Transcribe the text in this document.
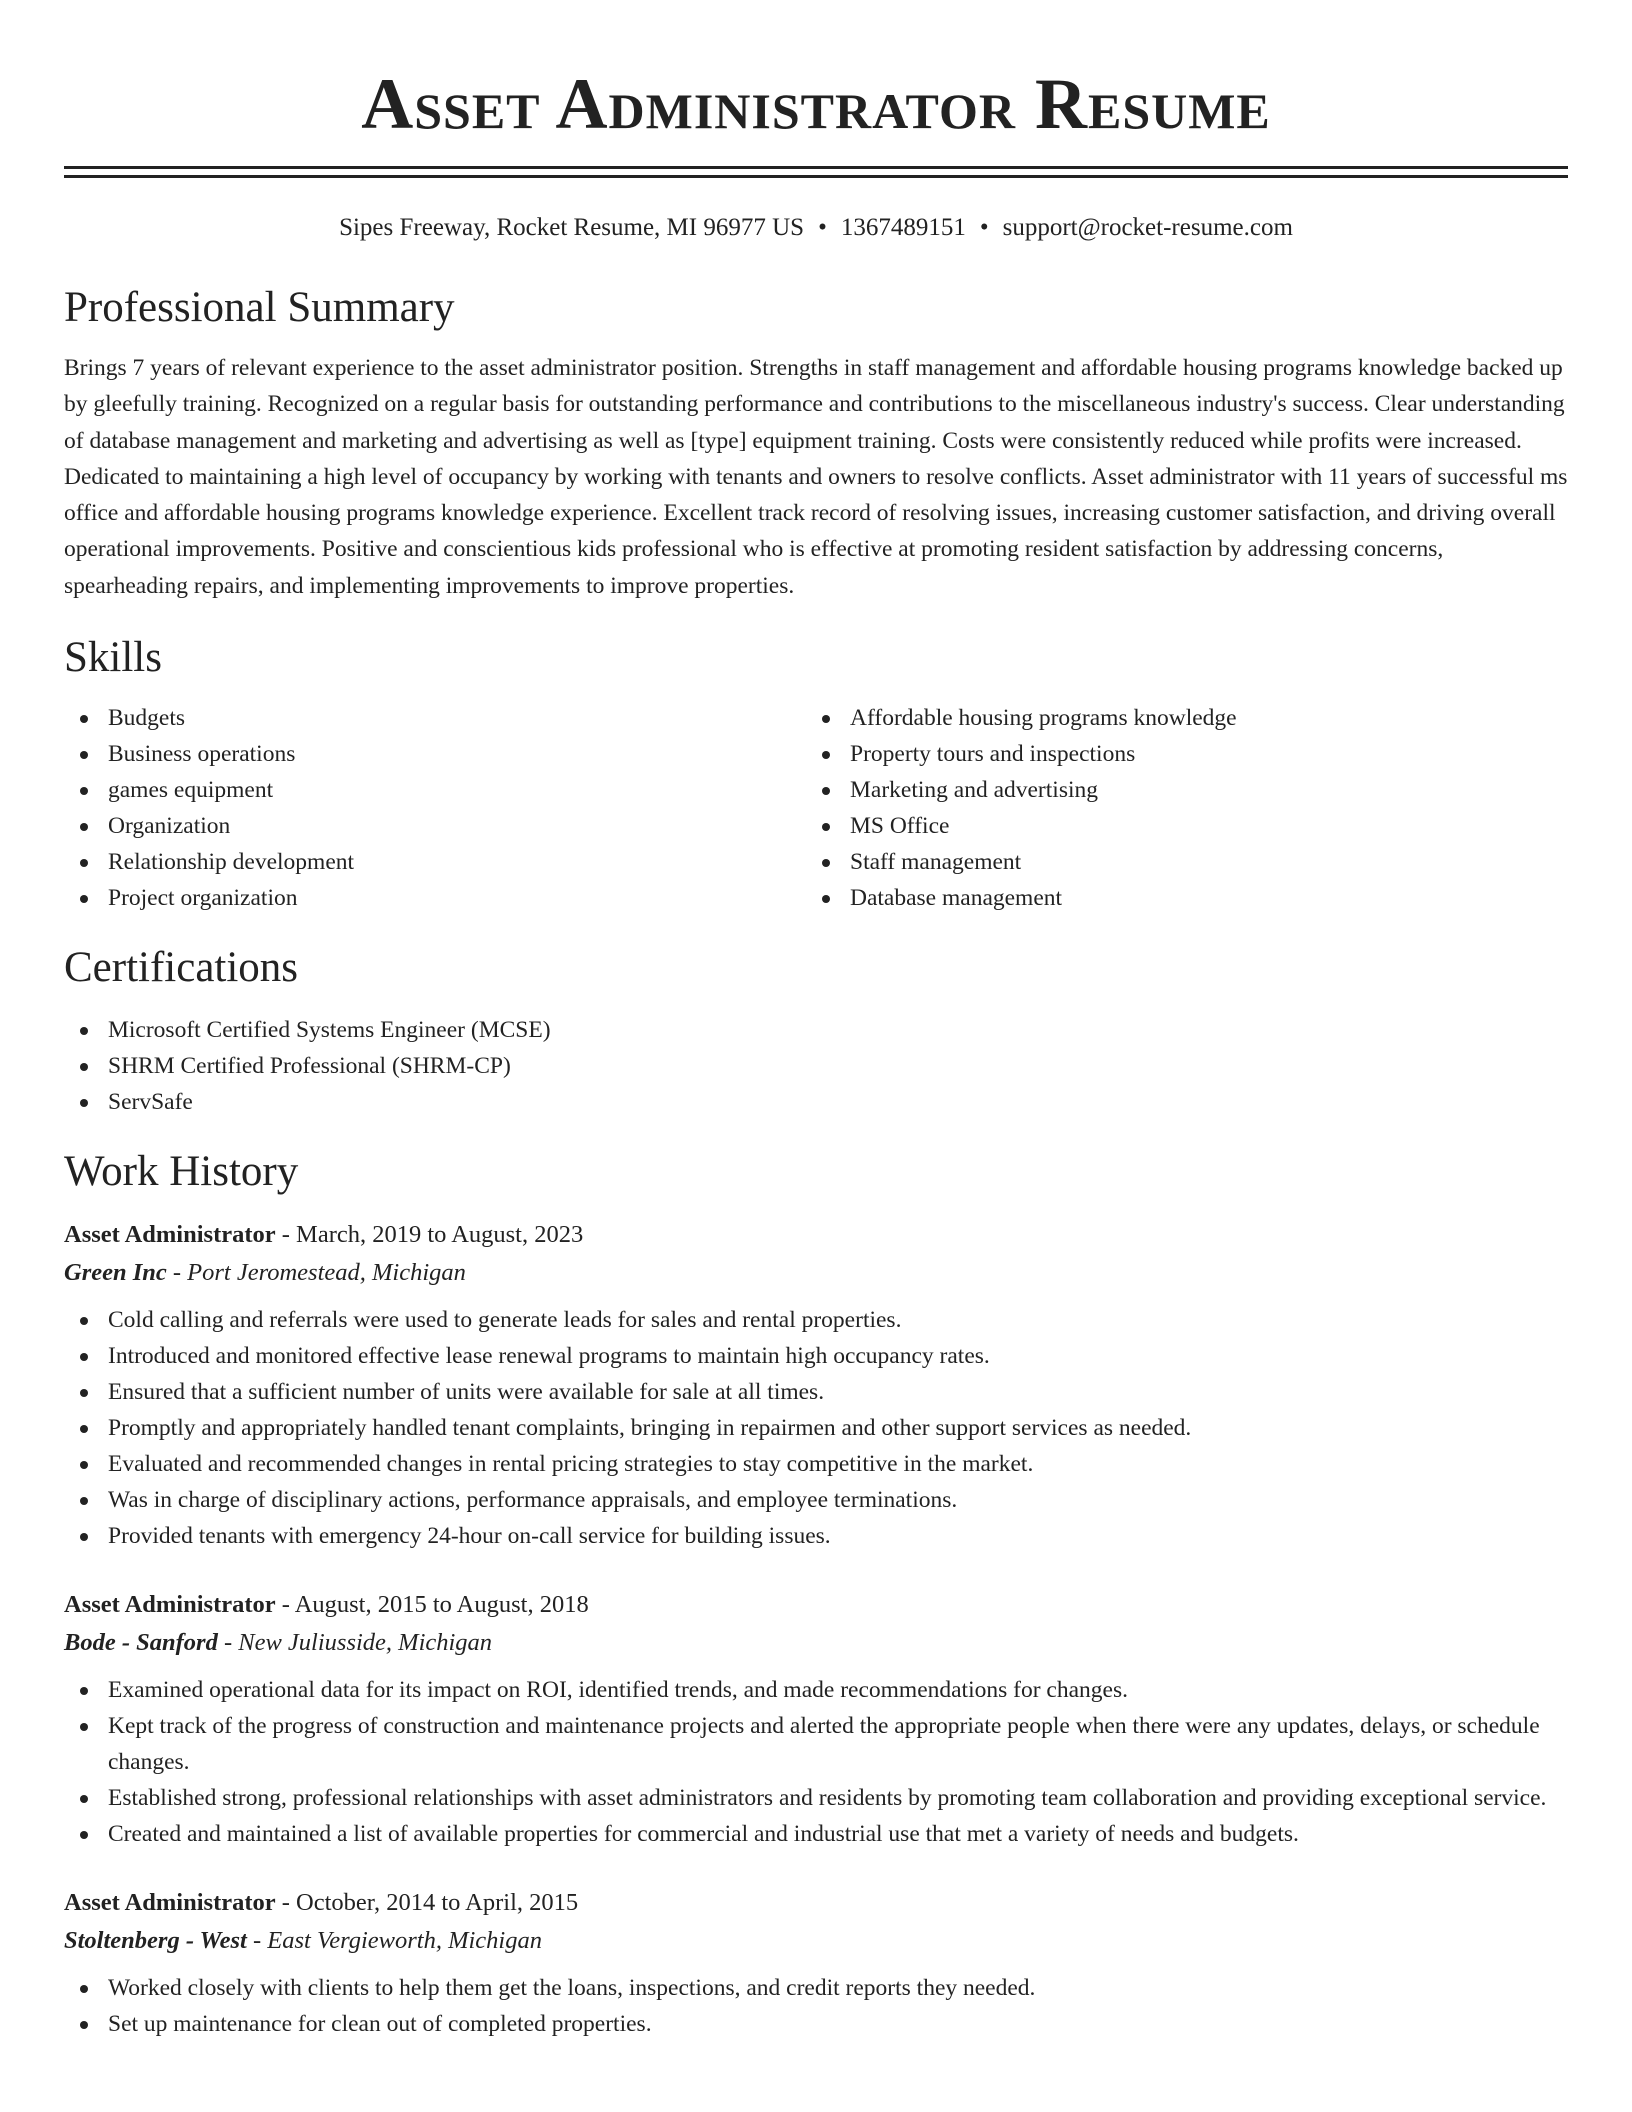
Asset Administrator Resume
Sipes Freeway, Rocket Resume, MI 96977 US • 1367489151 • support@rocket-resume.com
Professional Summary

Brings 7 years of relevant experience to the asset administrator position. Strengths in staff management and affordable housing programs knowledge backed up by gleefully training. Recognized on a regular basis for outstanding performance and contributions to the miscellaneous industry's success. Clear understanding of database management and marketing and advertising as well as [type] equipment training. Costs were consistently reduced while profits were increased. Dedicated to maintaining a high level of occupancy by working with tenants and owners to resolve conflicts. Asset administrator with 11 years of successful ms office and affordable housing programs knowledge experience. Excellent track record of resolving issues, increasing customer satisfaction, and driving overall operational improvements. Positive and conscientious kids professional who is effective at promoting resident satisfaction by addressing concerns, spearheading repairs, and implementing improvements to improve properties.

Skills
Budgets
Business operations
games equipment
Organization
Relationship development
Project organization
Affordable housing programs knowledge
Property tours and inspections
Marketing and advertising
MS Office
Staff management
Database management
Certifications
Microsoft Certified Systems Engineer (MCSE)
SHRM Certified Professional (SHRM-CP)
ServSafe
Work History
Asset Administrator - March, 2019 to August, 2023
Green Inc - Port Jeromestead, Michigan
Cold calling and referrals were used to generate leads for sales and rental properties.
Introduced and monitored effective lease renewal programs to maintain high occupancy rates.
Ensured that a sufficient number of units were available for sale at all times.
Promptly and appropriately handled tenant complaints, bringing in repairmen and other support services as needed.
Evaluated and recommended changes in rental pricing strategies to stay competitive in the market.
Was in charge of disciplinary actions, performance appraisals, and employee terminations.
Provided tenants with emergency 24-hour on-call service for building issues.
Asset Administrator - August, 2015 to August, 2018
Bode - Sanford - New Juliusside, Michigan
Examined operational data for its impact on ROI, identified trends, and made recommendations for changes.
Kept track of the progress of construction and maintenance projects and alerted the appropriate people when there were any updates, delays, or schedule changes.
Established strong, professional relationships with asset administrators and residents by promoting team collaboration and providing exceptional service.
Created and maintained a list of available properties for commercial and industrial use that met a variety of needs and budgets.
Asset Administrator - October, 2014 to April, 2015
Stoltenberg - West - East Vergieworth, Michigan
Worked closely with clients to help them get the loans, inspections, and credit reports they needed.
Set up maintenance for clean out of completed properties.
